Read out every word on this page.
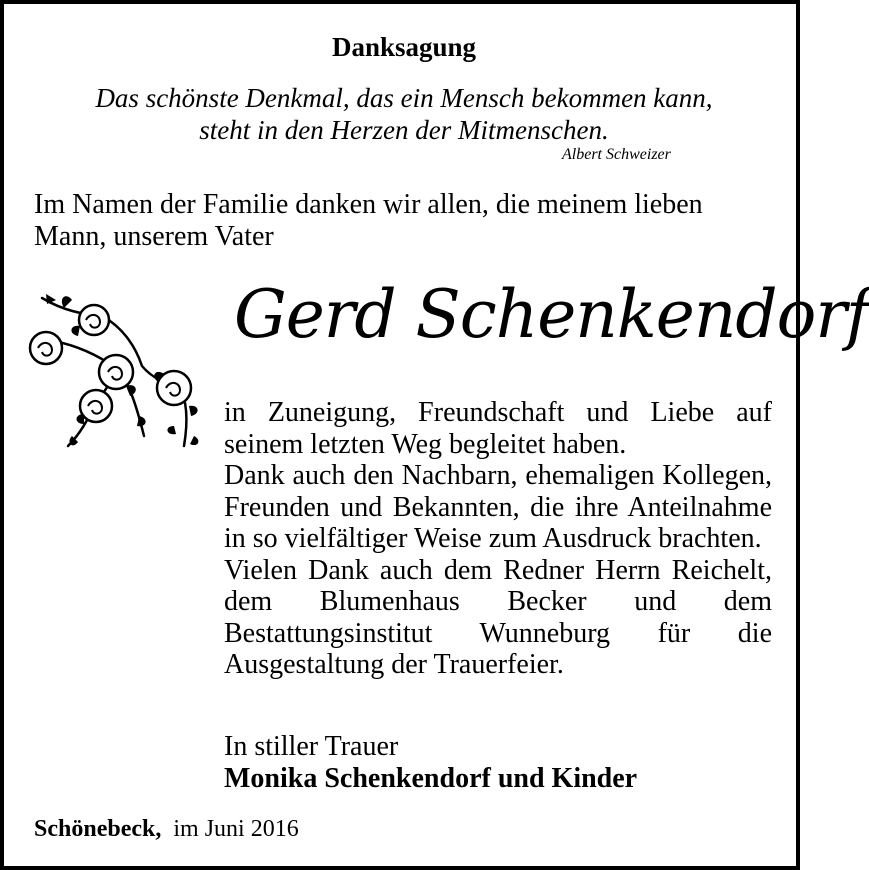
Danksagung
Das schönste Denkmal, das ein Mensch bekommen kann,
steht in den Herzen der Mitmenschen.
Albert Schweizer
Im Namen der Familie danken wir allen, die meinem lieben Mann, unserem Vater
Gerd Schenkendorf

in Zuneigung, Freundschaft und Liebe auf seinem letzten Weg begleitet haben.

Dank auch den Nachbarn, ehemaligen Kollegen, Freunden und Bekannten, die ihre Anteilnahme in so vielfältiger Weise zum Ausdruck brachten.

Vielen Dank auch dem Redner Herrn Reichelt, dem Blumenhaus Becker und dem Bestattungsinstitut Wunneburg für die Ausgestaltung der Trauerfeier.

In stiller Trauer
Monika Schenkendorf und Kinder
Schönebeck, im Juni 2016
